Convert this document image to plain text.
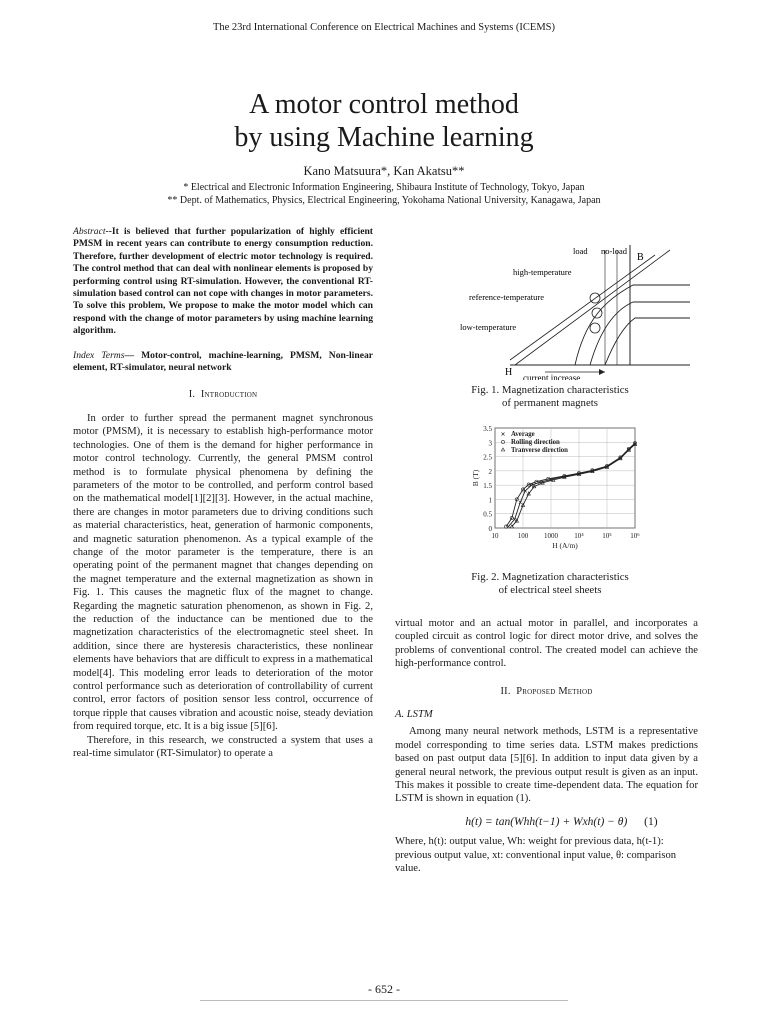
The 23rd International Conference on Electrical Machines and Systems (ICEMS)
A motor control method
by using Machine learning
Kano Matsuura*, Kan Akatsu**
* Electrical and Electronic Information Engineering, Shibaura Institute of Technology, Tokyo, Japan
** Dept. of Mathematics, Physics, Electrical Engineering, Yokohama National University, Kanagawa, Japan

Abstract--It is believed that further popularization of highly efficient PMSM in recent years can contribute to energy consumption reduction. Therefore, further development of electric motor technology is required. The control method that can deal with nonlinear elements is proposed by performing control using RT-simulation. However, the conventional RT-simulation based control can not cope with changes in motor parameters. To solve this problem, We propose to make the motor model which can respond with the change of motor parameters by using machine learning algorithm.

Index Terms— Motor-control, machine-learning, PMSM, Non-linear element, RT-simulator, neural network

I. Introduction

In order to further spread the permanent magnet synchronous motor (PMSM), it is necessary to establish high-performance motor technologies. One of them is the demand for higher performance in motor control technology. Currently, the general PMSM control method is to formulate physical phenomena by defining the parameters of the motor to be controlled, and perform control based on the mathematical model[1][2][3]. However, in the actual machine, there are changes in motor parameters due to driving conditions such as material characteristics, heat, generation of harmonic components, and magnetic saturation phenomenon. As a typical example of the change of the motor parameter is the temperature, there is an operating point of the permanent magnet that changes depending on the magnet temperature and the external magnetization as shown in Fig. 1. This causes the magnetic flux of the magnet to change. Regarding the magnetic saturation phenomenon, as shown in Fig. 2, the reduction of the inductance can be mentioned due to the magnetization characteristics of the electromagnetic steel sheet. In addition, since there are hysteresis characteristics, these nonlinear elements have behaviors that are difficult to express in a mathematical model[4]. This modeling error leads to deterioration of the motor control performance such as deterioration of controllability of current control, error factors of position sensor less control, occurrence of torque ripple that causes vibration and acoustic noise, steady deviation from required torque, etc. It is a big issue [5][6].

Therefore, in this research, we constructed a system that uses a real-time simulator (RT-Simulator) to operate a

load no-load
B
H
high-temperature
reference-temperature
low-temperature
current increase
Fig. 1. Magnetization characteristics
of permanent magnets
0
0.5
1
1.5
2
2.5
3
3.5
10	100 1000 10⁴	10⁵	10⁶
H (A/m)
B (T)
Average
Rolling direction
Tranverse direction
Fig. 2. Magnetization characteristics
of electrical steel sheets

virtual motor and an actual motor in parallel, and incorporates a coupled circuit as control logic for direct motor drive, and solves the problems of conventional control. The created model can achieve the high-performance control.

II. Proposed Method
A. LSTM

Among many neural network methods, LSTM is a representative model corresponding to time series data. LSTM makes predictions based on past output data [5][6]. In addition to input data given by a general neural network, the previous output result is given as an input. This makes it possible to create time-dependent data. The equation for LSTM is shown in equation (1).

h(t) = tan(Whh(t−1) + Wxh(t) − θ) (1)

Where, h(t): output value, Wh: weight for previous data, h(t-1): previous output value, xt: conventional input value, θ: comparison value.

- 652 -
